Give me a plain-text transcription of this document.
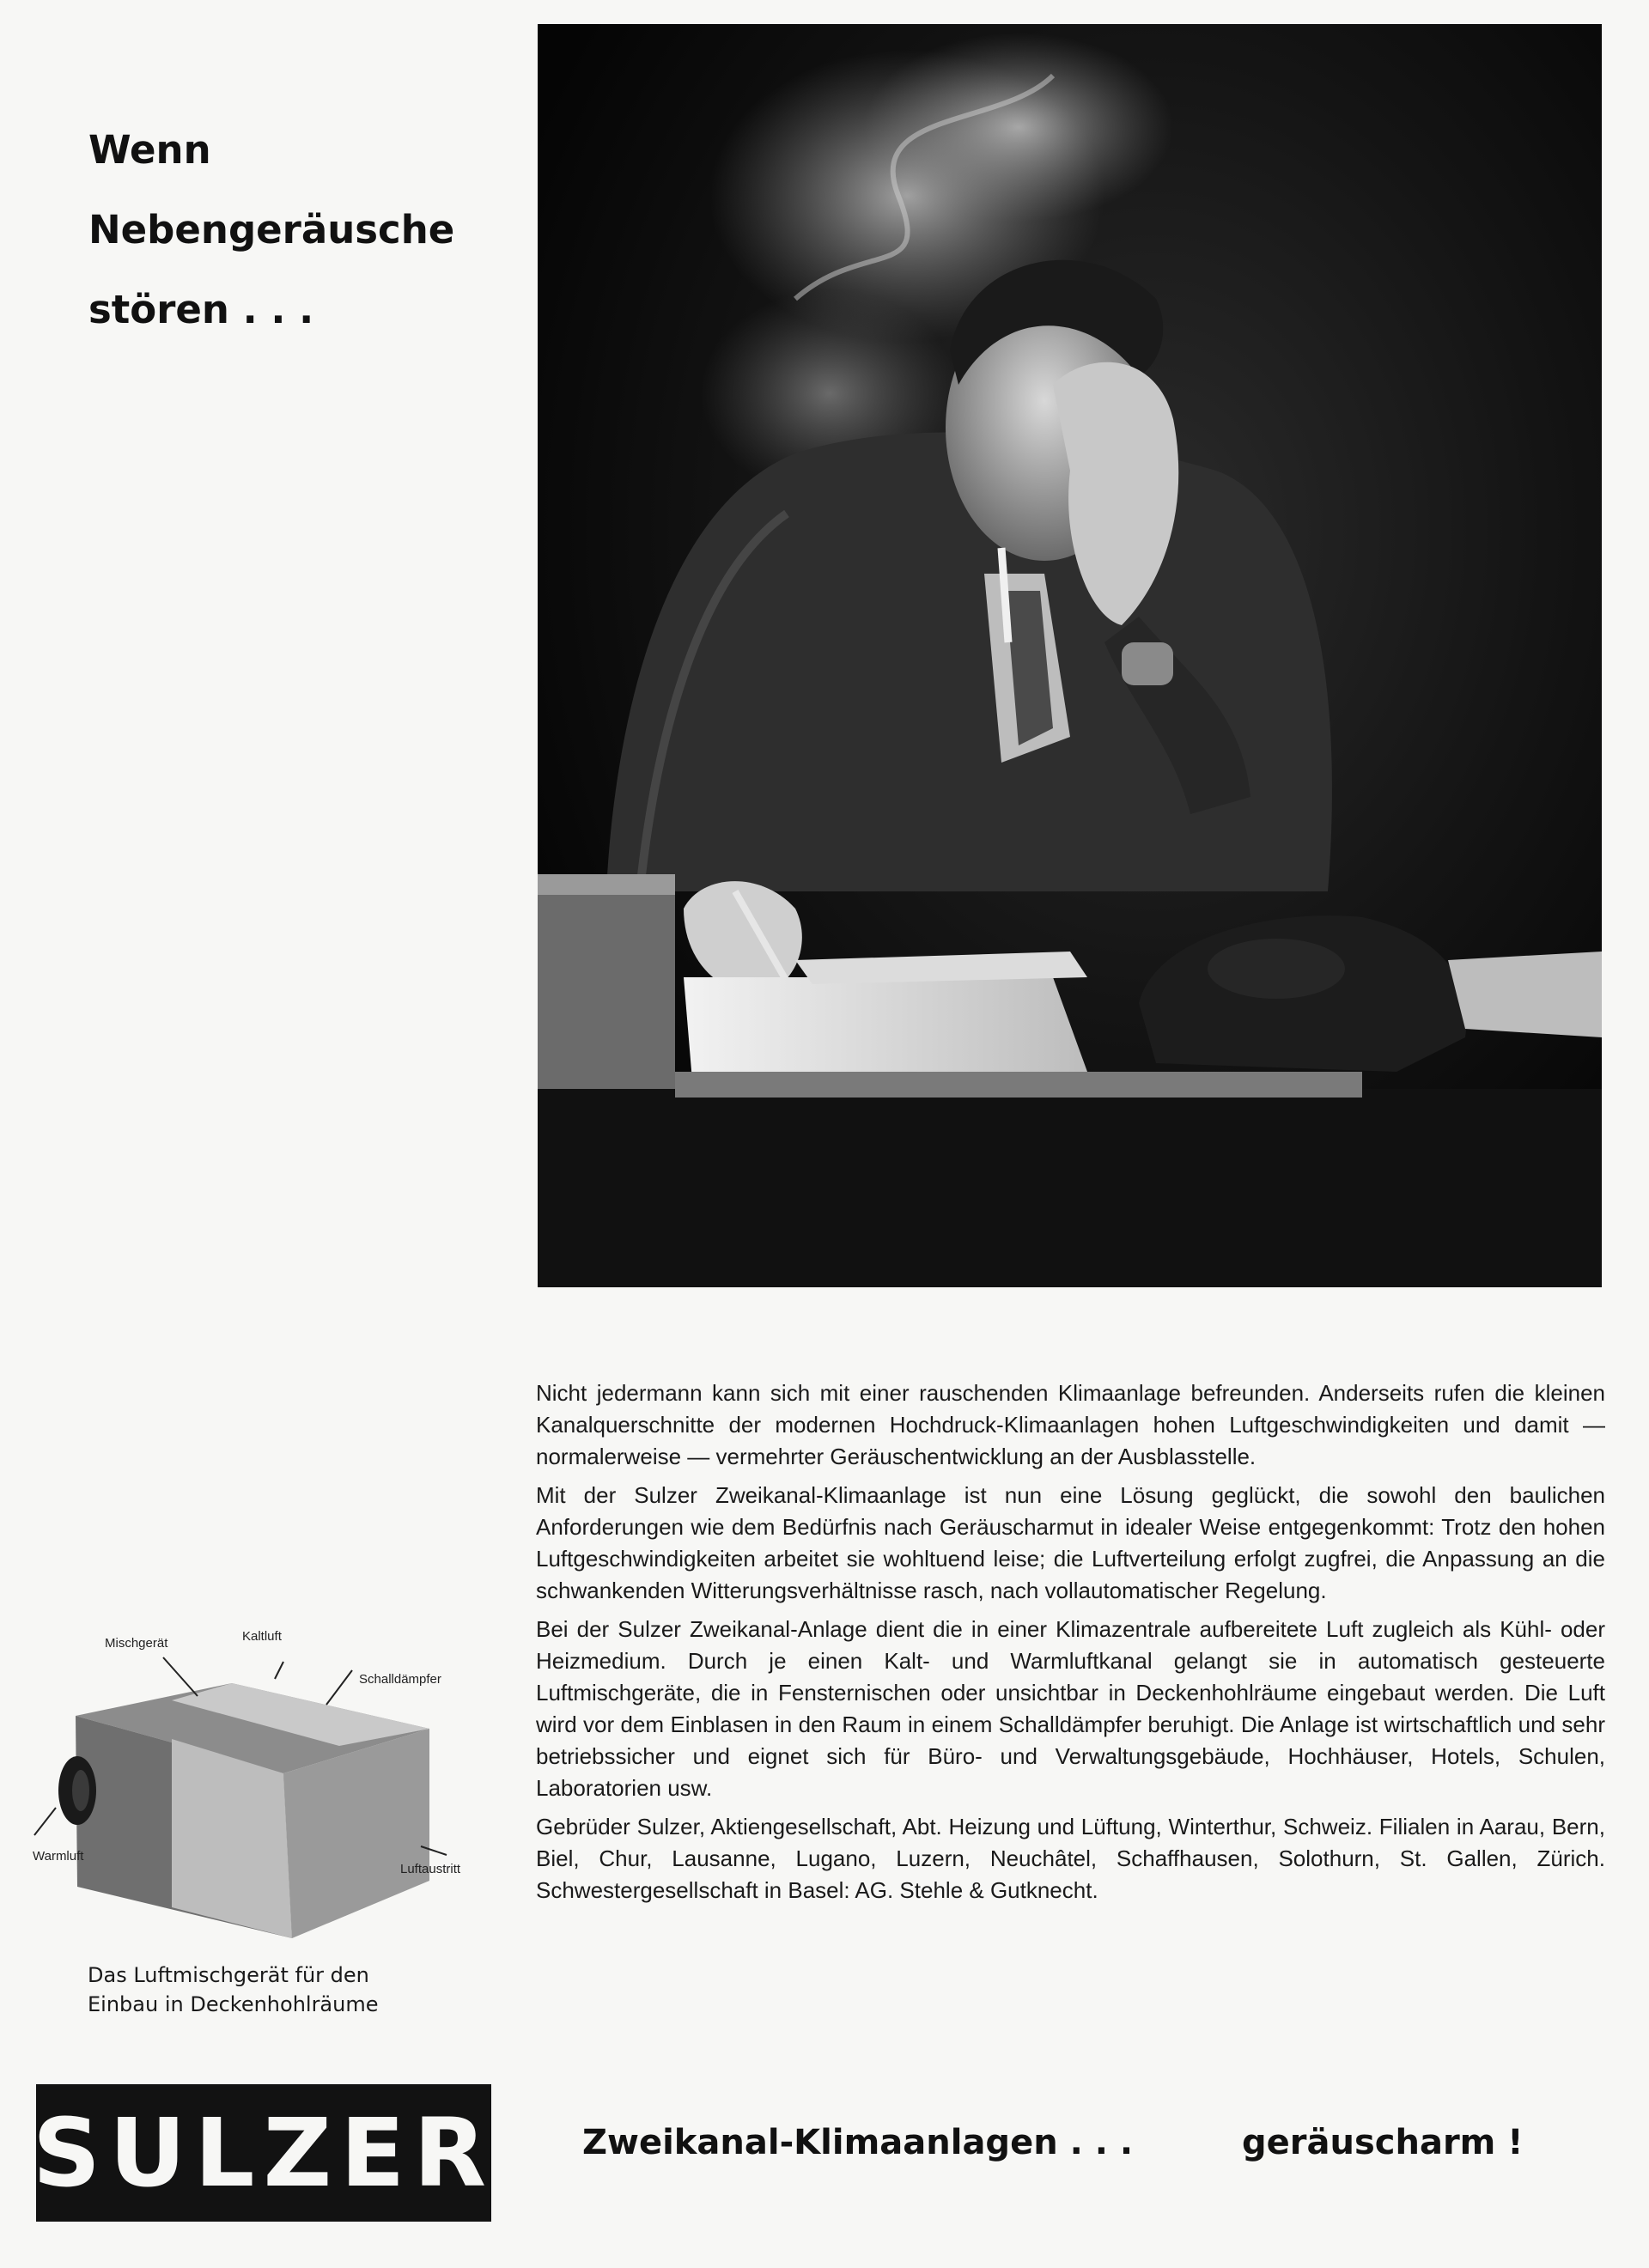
Wenn
Nebengeräusche
stören . . .

Nicht jedermann kann sich mit einer rauschenden Klimaanlage befreunden. Anderseits rufen die kleinen Kanalquerschnitte der modernen Hochdruck-Klimaanlagen hohen Luftgeschwindigkeiten und damit — normalerweise — vermehrter Geräuschentwicklung an der Ausblasstelle.

Mit der Sulzer Zweikanal-Klimaanlage ist nun eine Lösung geglückt, die sowohl den baulichen Anforderungen wie dem Bedürfnis nach Geräuscharmut in idealer Weise entgegenkommt: Trotz den hohen Luftgeschwindigkeiten arbeitet sie wohltuend leise; die Luftverteilung erfolgt zugfrei, die Anpassung an die schwankenden Witterungsverhältnisse rasch, nach vollautomatischer Regelung.

Bei der Sulzer Zweikanal-Anlage dient die in einer Klimazentrale aufbereitete Luft zugleich als Kühl- oder Heizmedium. Durch je einen Kalt- und Warmluftkanal gelangt sie in automatisch gesteuerte Luftmischgeräte, die in Fensternischen oder unsichtbar in Deckenhohlräume eingebaut werden. Die Luft wird vor dem Einblasen in den Raum in einem Schalldämpfer beruhigt. Die Anlage ist wirtschaftlich und sehr betriebssicher und eignet sich für Büro- und Verwaltungsgebäude, Hochhäuser, Hotels, Schulen, Laboratorien usw.

Gebrüder Sulzer, Aktiengesellschaft, Abt. Heizung und Lüftung, Winterthur, Schweiz. Filialen in Aarau, Bern, Biel, Chur, Lausanne, Lugano, Luzern, Neuchâtel, Schaffhausen, Solothurn, St. Gallen, Zürich. Schwestergesellschaft in Basel: AG. Stehle & Gutknecht.

Mischgerät	Kaltluft
Schalldämpfer
Warmluft
Luftaustritt
Das Luftmischgerät für den
Einbau in Deckenhohlräume
SULZER	Zweikanal-Klimaanlagen . . .	geräuscharm !
